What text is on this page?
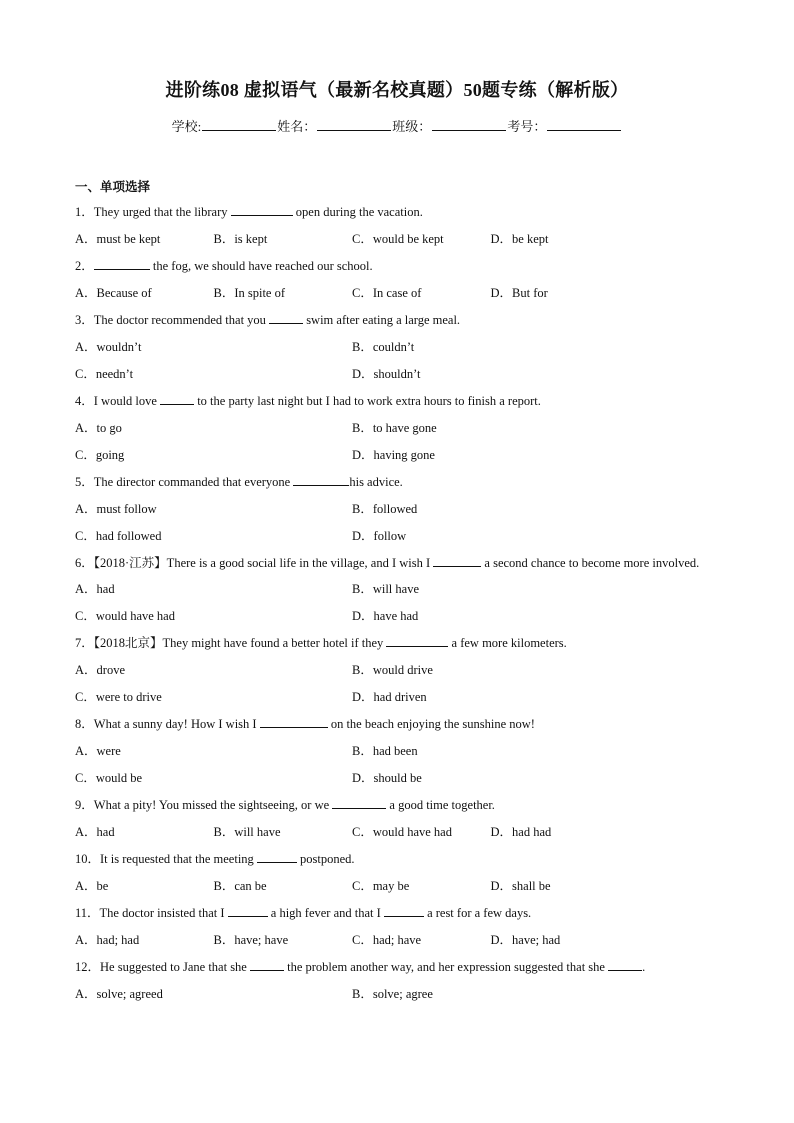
进阶练08 虚拟语气（最新名校真题）50题专练（解析版）
学校:	姓名：	班级：	考号：
一、单项选择
1．They urged that the library	open during the vacation.
A．must be kept	B．is kept	C．would be kept	D．be kept
2．	the fog, we should have reached our school.
A．Because of	B．In spite of	C．In case of	D．But for
3．The doctor recommended that you	swim after eating a large meal.
A．wouldn’t	B．couldn’t
C．needn’t	D．shouldn’t
4．I would love	to the party last night but I had to work extra hours to finish a report.
A．to go	B．to have gone
C．going	D．having gone
5．The director commanded that everyone	his advice.
A．must follow	B．followed
C．had followed	D．follow
6．【2018·江苏】There is a good social life in the village, and I wish I	a second chance to become more involved.
A．had	B．will have
C．would have had	D．have had
7．【2018北京】They might have found a better hotel if they	a few more kilometers.
A．drove	B．would drive
C．were to drive	D．had driven
8．What a sunny day! How I wish I	on the beach enjoying the sunshine now!
A．were	B．had been
C．would be	D．should be
9．What a pity! You missed the sightseeing, or we	a good time together.
A．had	B．will have	C．would have had	D．had had
10．It is requested that the meeting	postponed.
A．be	B．can be	C．may be	D．shall be
11．The doctor insisted that I	a high fever and that I	a rest for a few days.
A．had; had	B．have; have	C．had; have	D．have; had
12．He suggested to Jane that she	the problem another way, and her expression suggested that she	.
A．solve; agreed	B．solve; agree
